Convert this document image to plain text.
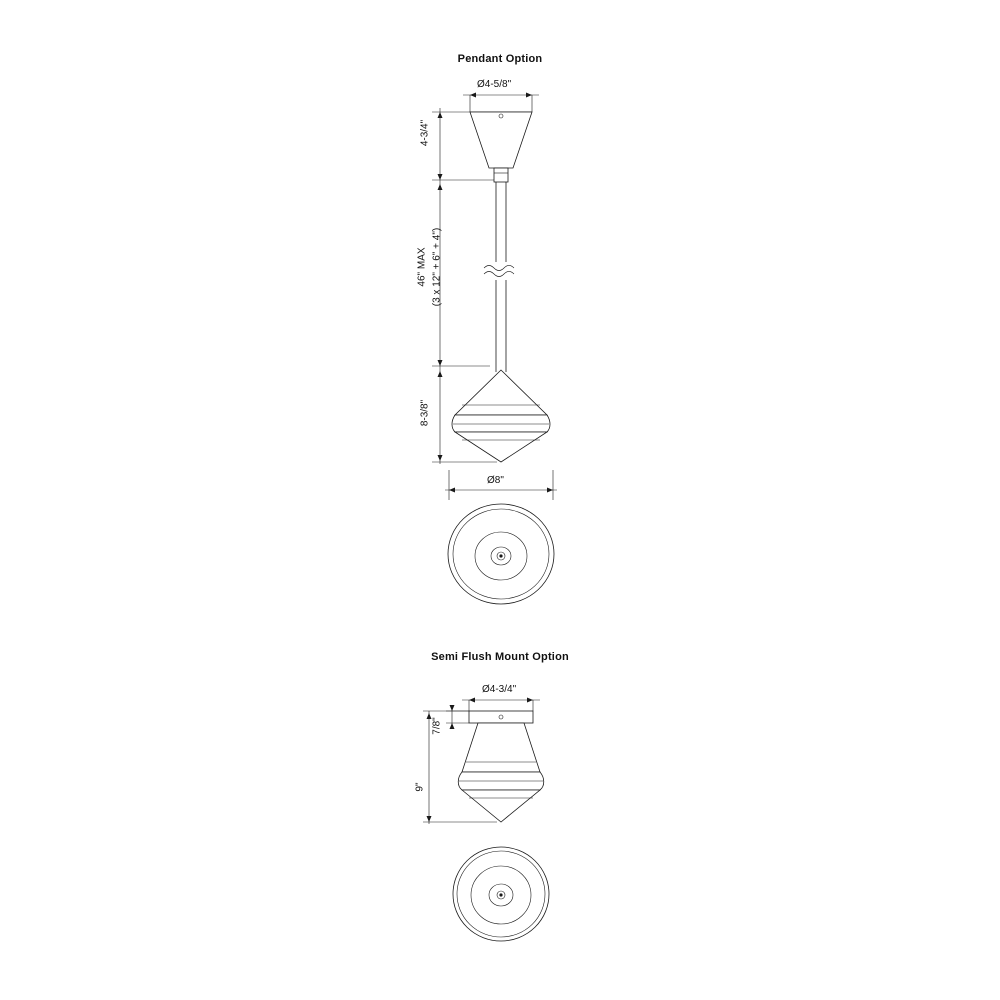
Pendant Option
Semi Flush Mount Option
Ø4-5/8"
4-3/4"
46" MAX (3 x 12" + 6" + 4")
8-3/8"
Ø8"
Ø4-3/4"
7/8"
9"
